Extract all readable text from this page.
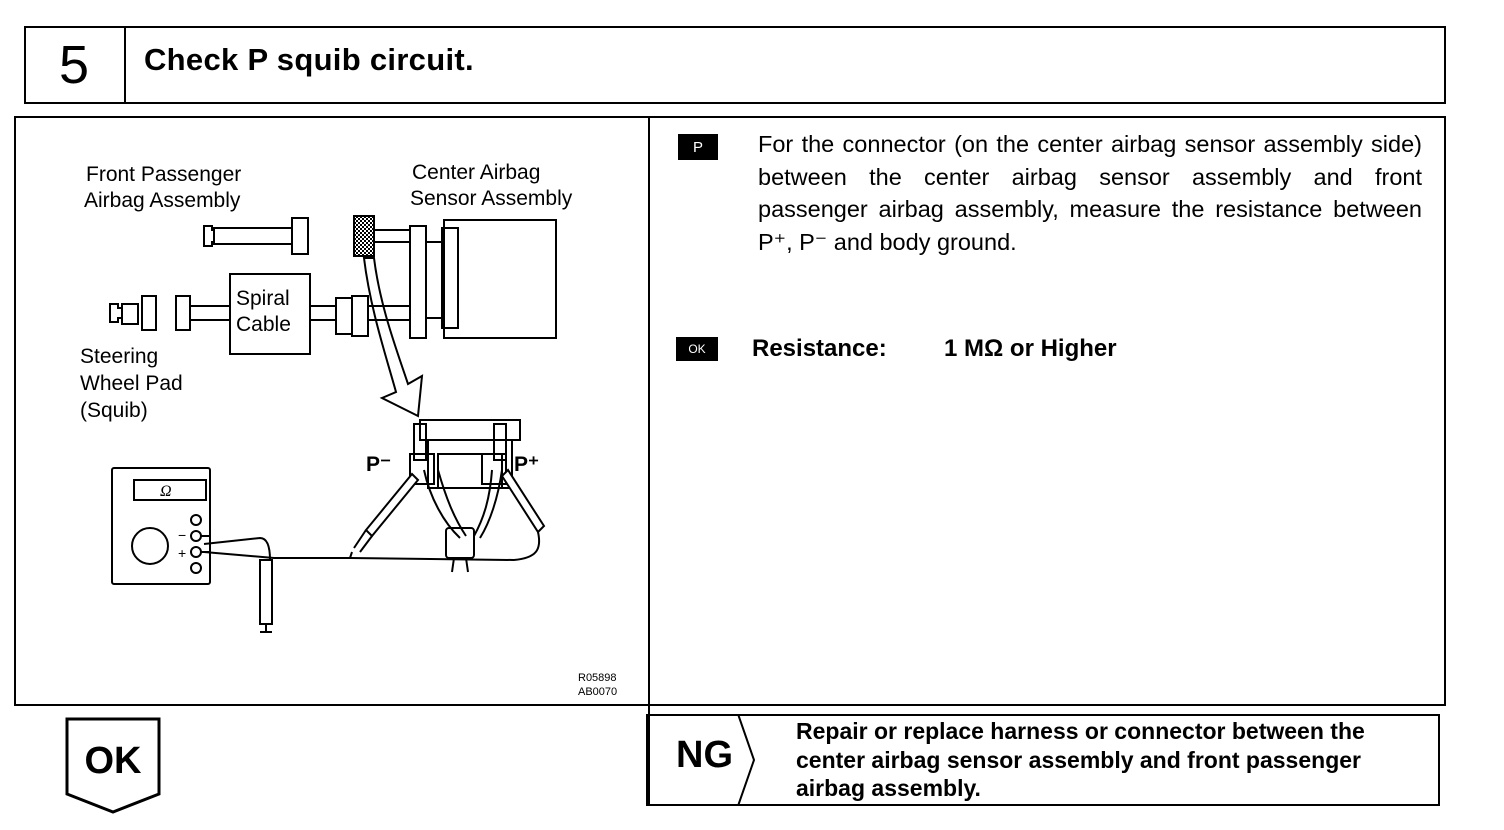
5	Check P squib circuit.
Ω
−
+
Front Passenger
Airbag Assembly
Center Airbag
Sensor Assembly
Spiral
Cable
Steering
Wheel Pad
(Squib)
P⁻	P⁺
R05898
AB0070
P	For the connector (on the center airbag sensor assembly side) between the center airbag sensor assembly and front passenger airbag assembly, measure the resistance between P⁺, P⁻ and body ground.
OK	Resistance: 1 MΩ or Higher
NG
Repair or replace harness or connector between the center airbag sensor assembly and front passenger airbag assembly.
OK
